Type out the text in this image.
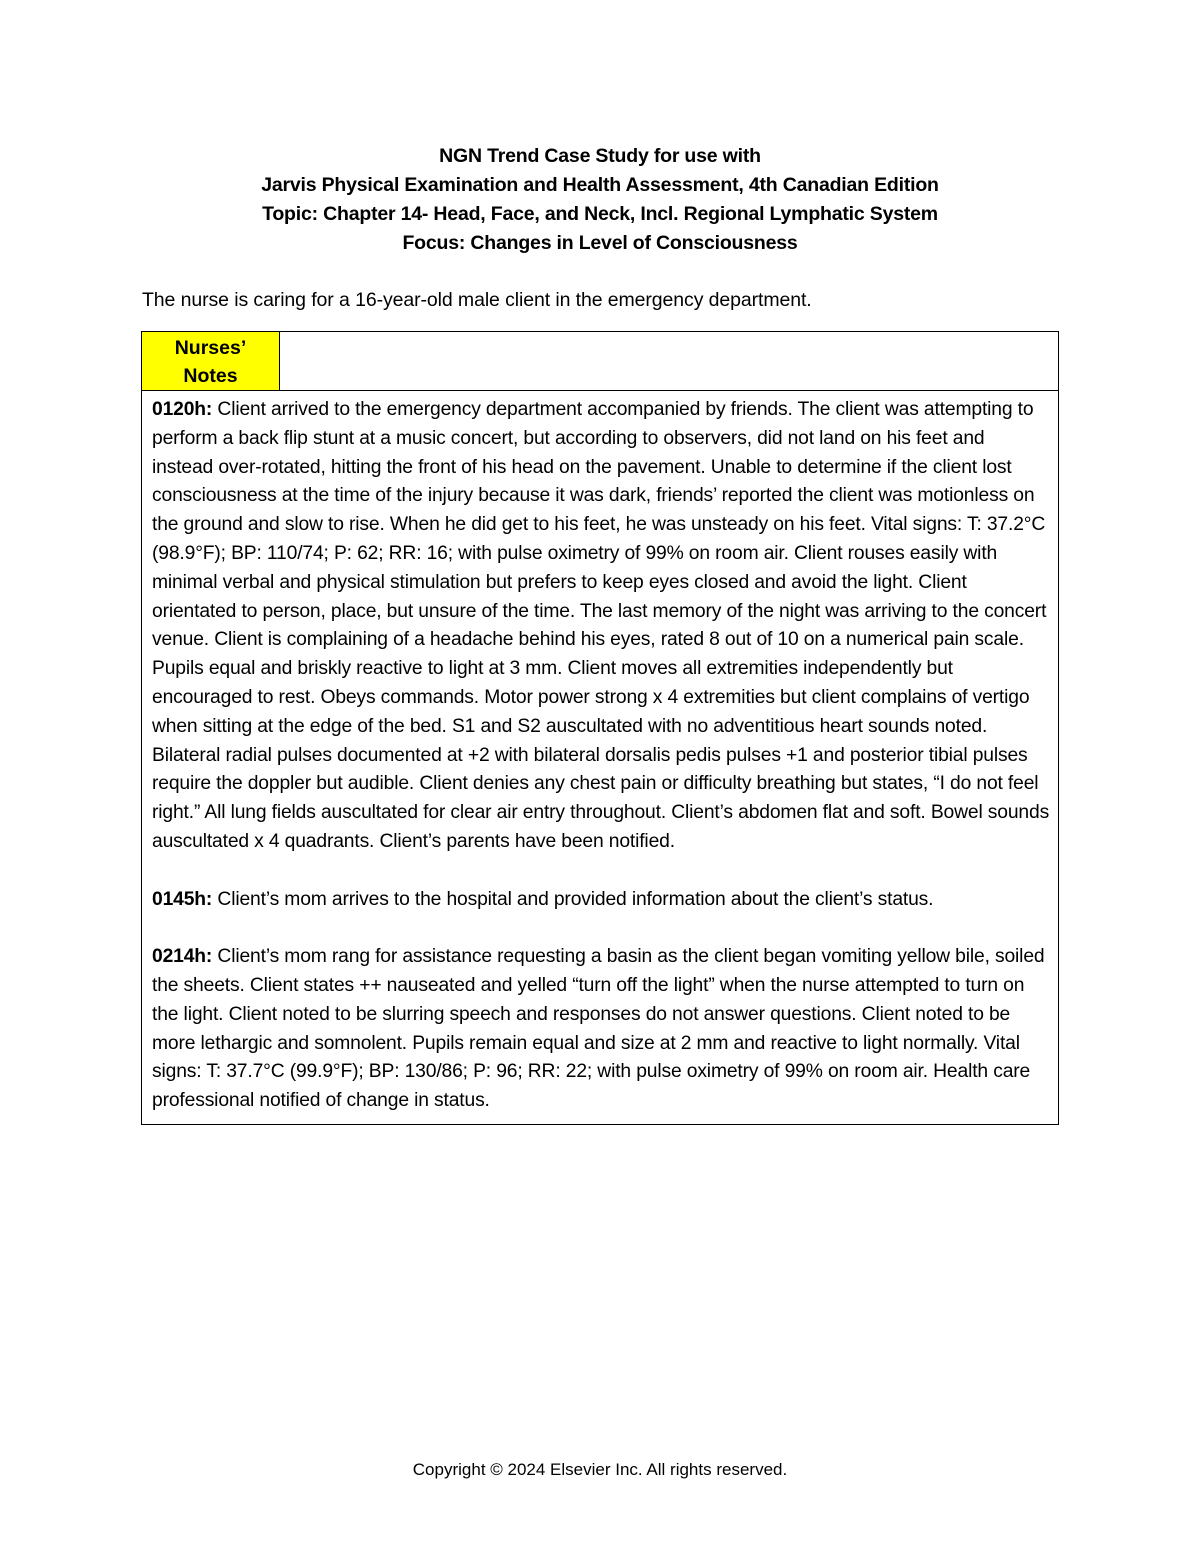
NGN Trend Case Study for use with
Jarvis Physical Examination and Health Assessment, 4th Canadian Edition
Topic: Chapter 14- Head, Face, and Neck, Incl. Regional Lymphatic System
Focus: Changes in Level of Consciousness
The nurse is caring for a 16-year-old male client in the emergency department.
Nurses’
Notes

0120h: Client arrived to the emergency department accompanied by friends. The client was attempting to perform a back flip stunt at a music concert, but according to observers, did not land on his feet and instead over-rotated, hitting the front of his head on the pavement. Unable to determine if the client lost consciousness at the time of the injury because it was dark, friends’ reported the client was motionless on the ground and slow to rise. When he did get to his feet, he was unsteady on his feet. Vital signs: T: 37.2°C (98.9°F); BP: 110/74; P: 62; RR: 16; with pulse oximetry of 99% on room air. Client rouses easily with minimal verbal and physical stimulation but prefers to keep eyes closed and avoid the light. Client orientated to person, place, but unsure of the time. The last memory of the night was arriving to the concert venue. Client is complaining of a headache behind his eyes, rated 8 out of 10 on a numerical pain scale. Pupils equal and briskly reactive to light at 3 mm. Client moves all extremities independently but encouraged to rest. Obeys commands. Motor power strong x 4 extremities but client complains of vertigo when sitting at the edge of the bed. S1 and S2 auscultated with no adventitious heart sounds noted. Bilateral radial pulses documented at +2 with bilateral dorsalis pedis pulses +1 and posterior tibial pulses require the doppler but audible. Client denies any chest pain or difficulty breathing but states, “I do not feel right.” All lung fields auscultated for clear air entry throughout. Client’s abdomen flat and soft. Bowel sounds auscultated x 4 quadrants. Client’s parents have been notified.

0145h: Client’s mom arrives to the hospital and provided information about the client’s status.

0214h: Client’s mom rang for assistance requesting a basin as the client began vomiting yellow bile, soiled the sheets. Client states ++ nauseated and yelled “turn off the light” when the nurse attempted to turn on the light. Client noted to be slurring speech and responses do not answer questions. Client noted to be more lethargic and somnolent. Pupils remain equal and size at 2 mm and reactive to light normally. Vital signs: T: 37.7°C (99.9°F); BP: 130/86; P: 96; RR: 22; with pulse oximetry of 99% on room air. Health care professional notified of change in status.

Copyright © 2024 Elsevier Inc. All rights reserved.
